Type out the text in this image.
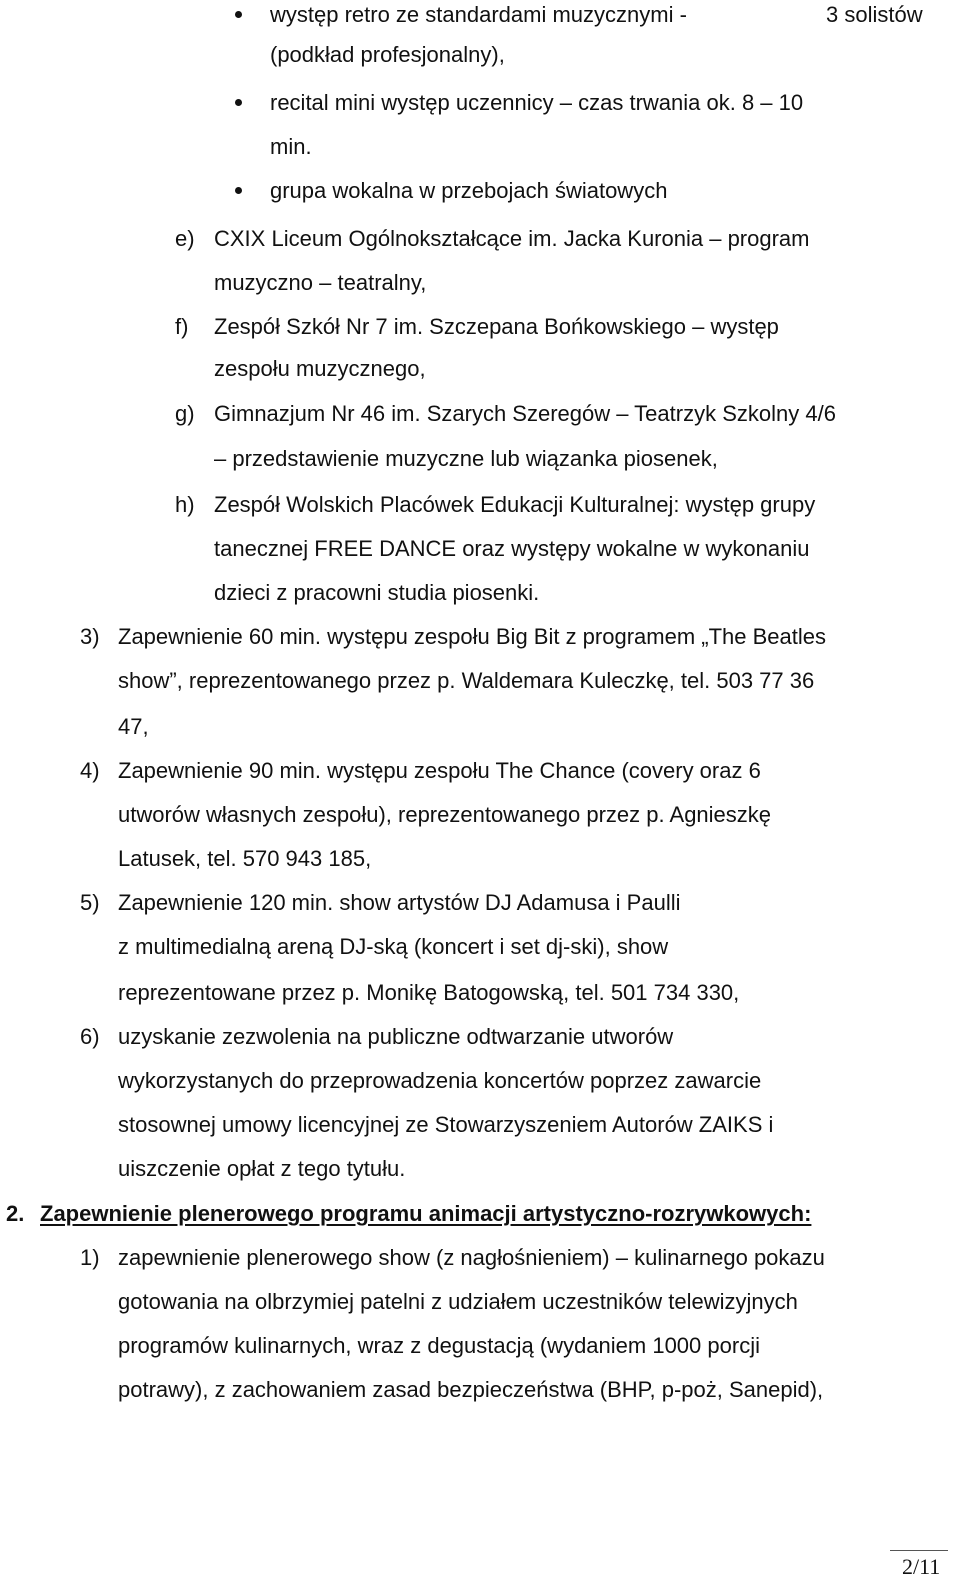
występ retro ze standardami muzycznymi -	3 solistów
(podkład profesjonalny),
recital mini występ uczennicy – czas trwania ok. 8 – 10
min.
grupa wokalna w przebojach światowych
e) CXIX Liceum Ogólnokształcące im. Jacka Kuronia – program
muzyczno – teatralny,
f) Zespół Szkół Nr 7 im. Szczepana Bońkowskiego – występ
zespołu muzycznego,
g) Gimnazjum Nr 46 im. Szarych Szeregów – Teatrzyk Szkolny 4/6
– przedstawienie muzyczne lub wiązanka piosenek,
h) Zespół Wolskich Placówek Edukacji Kulturalnej: występ grupy
tanecznej FREE DANCE oraz występy wokalne w wykonaniu
dzieci z pracowni studia piosenki.
3) Zapewnienie 60 min. występu zespołu Big Bit z programem „The Beatles
show”, reprezentowanego przez p. Waldemara Kuleczkę, tel. 503 77 36
47,
4) Zapewnienie 90 min. występu zespołu The Chance (covery oraz 6
utworów własnych zespołu), reprezentowanego przez p. Agnieszkę
Latusek, tel. 570 943 185,
5) Zapewnienie 120 min. show artystów DJ Adamusa i Paulli
z multimedialną areną DJ-ską (koncert i set dj-ski), show
reprezentowane przez p. Monikę Batogowską, tel. 501 734 330,
6) uzyskanie zezwolenia na publiczne odtwarzanie utworów
wykorzystanych do przeprowadzenia koncertów poprzez zawarcie
stosownej umowy licencyjnej ze Stowarzyszeniem Autorów ZAIKS i
uiszczenie opłat z tego tytułu.
2. Zapewnienie plenerowego programu animacji artystyczno-rozrywkowych:
1) zapewnienie plenerowego show (z nagłośnieniem) – kulinarnego pokazu
gotowania na olbrzymiej patelni z udziałem uczestników telewizyjnych
programów kulinarnych, wraz z degustacją (wydaniem 1000 porcji
potrawy), z zachowaniem zasad bezpieczeństwa (BHP, p-poż, Sanepid),
2/11
